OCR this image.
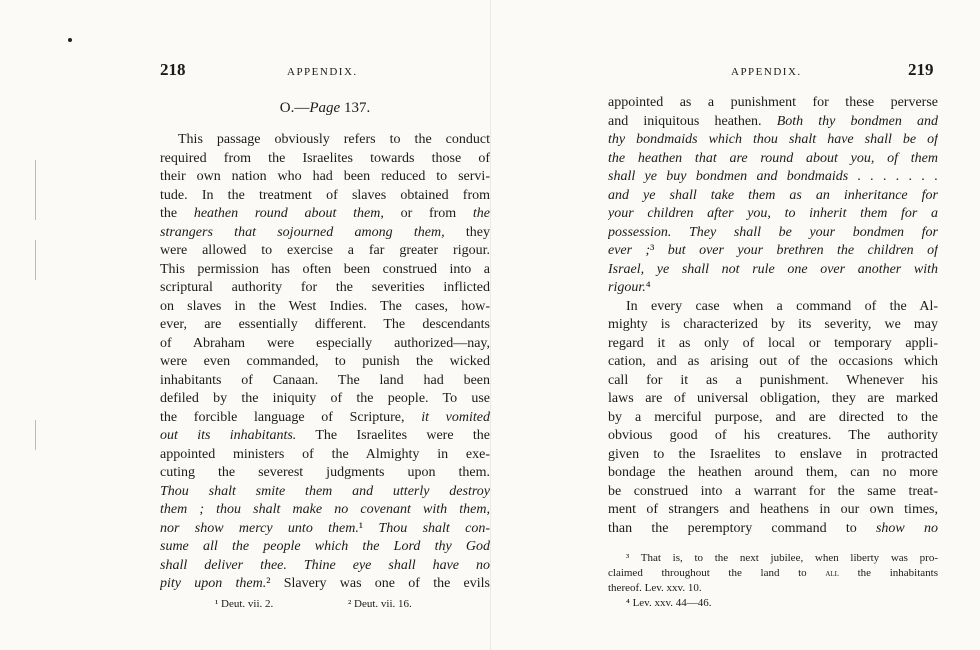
218	APPENDIX.
O.—Page 137.
This passage obviously refers to the conduct
required from the Israelites towards those of
their own nation who had been reduced to servi-
tude. In the treatment of slaves obtained from
the heathen round about them, or from the
strangers that sojourned among them, they
were allowed to exercise a far greater rigour.
This permission has often been construed into a
scriptural authority for the severities inflicted
on slaves in the West Indies. The cases, how-
ever, are essentially different. The descendants
of Abraham were especially authorized—nay,
were even commanded, to punish the wicked
inhabitants of Canaan. The land had been
defiled by the iniquity of the people. To use
the forcible language of Scripture, it vomited
out its inhabitants. The Israelites were the
appointed ministers of the Almighty in exe-
cuting the severest judgments upon them.
Thou shalt smite them and utterly destroy
them ; thou shalt make no covenant with them,
nor show mercy unto them.¹ Thou shalt con-
sume all the people which the Lord thy God
shall deliver thee. Thine eye shall have no
pity upon them.² Slavery was one of the evils
¹ Deut. vii. 2.	² Deut. vii. 16.
APPENDIX.	219
appointed as a punishment for these perverse
and iniquitous heathen. Both thy bondmen and
thy bondmaids which thou shalt have shall be of
the heathen that are round about you, of them
shall ye buy bondmen and bondmaids . . . . . . .
and ye shall take them as an inheritance for
your children after you, to inherit them for a
possession. They shall be your bondmen for
ever ;³ but over your brethren the children of
Israel, ye shall not rule one over another with
rigour.⁴
In every case when a command of the Al-
mighty is characterized by its severity, we may
regard it as only of local or temporary appli-
cation, and as arising out of the occasions which
call for it as a punishment. Whenever his
laws are of universal obligation, they are marked
by a merciful purpose, and are directed to the
obvious good of his creatures. The authority
given to the Israelites to enslave in protracted
bondage the heathen around them, can no more
be construed into a warrant for the same treat-
ment of strangers and heathens in our own times,
than the peremptory command to show no
³ That is, to the next jubilee, when liberty was pro-
claimed throughout the land to all the inhabitants
thereof. Lev. xxv. 10.
⁴ Lev. xxv. 44—46.
